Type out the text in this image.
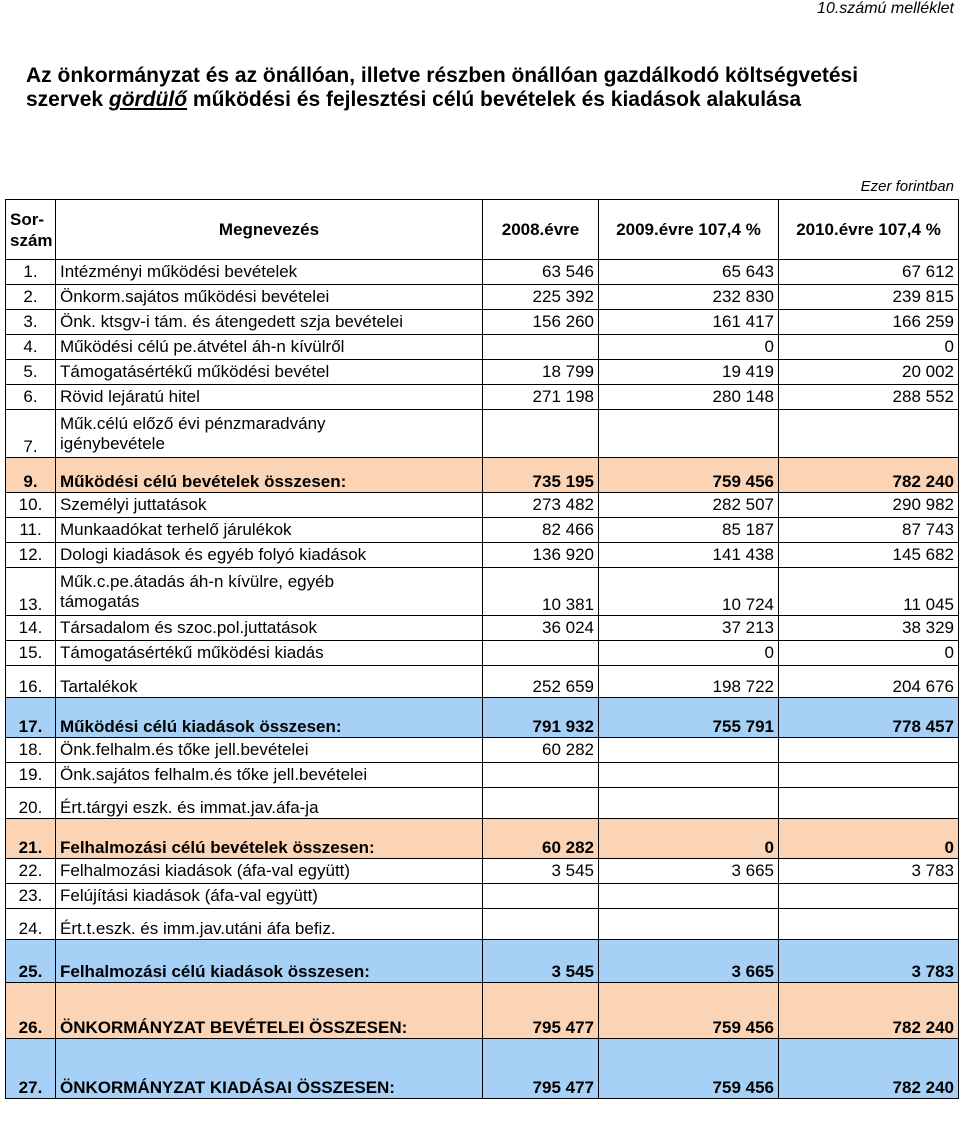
10.számú melléklet
Az önkormányzat és az önállóan, illetve részben önállóan gazdálkodó költségvetési
szervek gördülő működési és fejlesztési célú bevételek és kiadások alakulása
Ezer forintban
Sor-
szám	Megnevezés	2008.évre	2009.évre 107,4 %	2010.évre 107,4 %
1.	Intézményi működési bevételek	63 546	65 643	67 612
2.	Önkorm.sajátos működési bevételei	225 392	232 830	239 815
3.	Önk. ktsgv-i tám. és átengedett szja bevételei	156 260	161 417	166 259
4.	Működési célú pe.átvétel áh-n kívülről		0	0
5.	Támogatásértékű működési bevétel	18 799	19 419	20 002
6.	Rövid lejáratú hitel	271 198	280 148	288 552
7.	Műk.célú előző évi pénzmaradvány
igénybevétele			

9.	Működési célú bevételek összesen:	735 195	759 456	782 240
10.	Személyi juttatások	273 482	282 507	290 982
11.	Munkaadókat terhelő járulékok	82 466	85 187	87 743
12.	Dologi kiadások és egyéb folyó kiadások	136 920	141 438	145 682
13.	Műk.c.pe.átadás áh-n kívülre, egyéb
támogatás	10 381	10 724	11 045
14.	Társadalom és szoc.pol.juttatások	36 024	37 213	38 329
15.	Támogatásértékű működési kiadás		0	0
16.	Tartalékok	252 659	198 722	204 676
17.	Működési célú kiadások összesen:	791 932	755 791	778 457
18.	Önk.felhalm.és tőke jell.bevételei	60 282		
19.	Önk.sajátos felhalm.és tőke jell.bevételei			
20.	Ért.tárgyi eszk. és immat.jav.áfa-ja			
21.	Felhalmozási célú bevételek összesen:	60 282	0	0
22.	Felhalmozási kiadások (áfa-val együtt)	3 545	3 665	3 783
23.	Felújítási kiadások (áfa-val együtt)			
24.	Ért.t.eszk. és imm.jav.utáni áfa befiz.			
25.	Felhalmozási célú kiadások összesen:	3 545	3 665	3 783
26.	ÖNKORMÁNYZAT BEVÉTELEI ÖSSZESEN:	795 477	759 456	782 240
27.	ÖNKORMÁNYZAT KIADÁSAI ÖSSZESEN:	795 477	759 456	782 240
